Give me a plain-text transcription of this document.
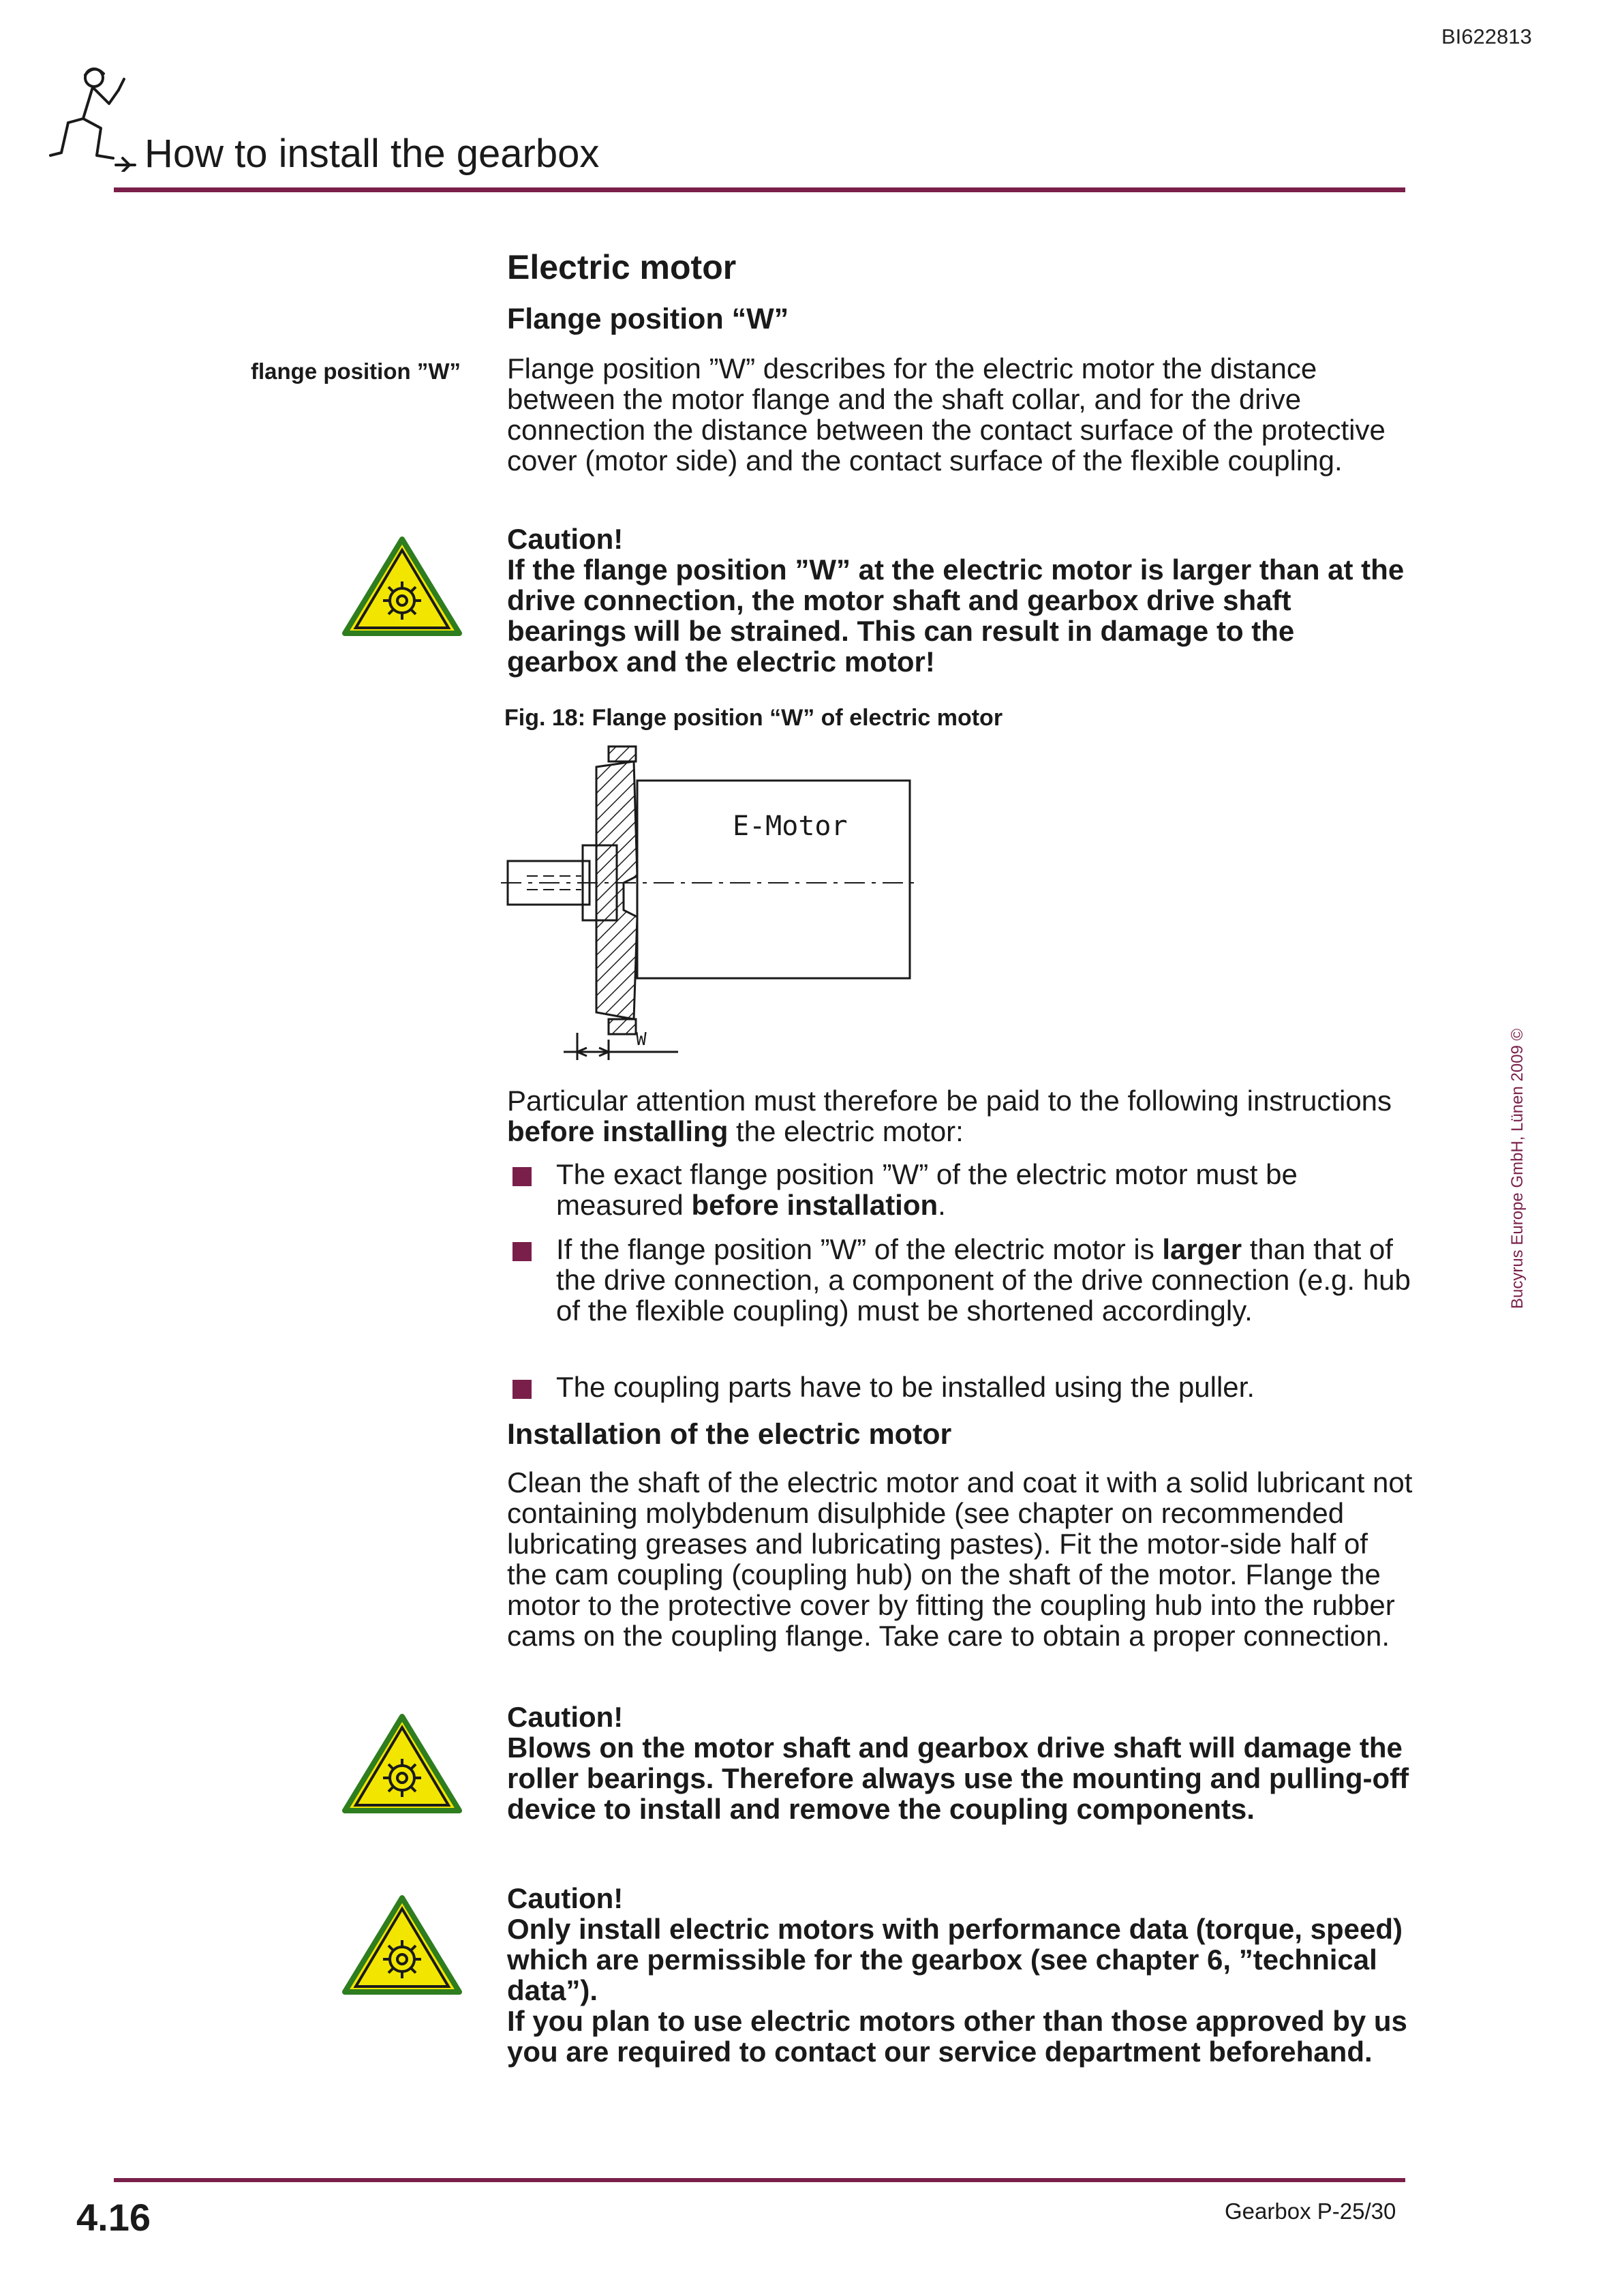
BI622813
How to install the gearbox
Electric motor
Flange position “W”
flange position ”W” Flange position ”W” describes for the electric motor the distance between the motor flange and the shaft collar, and for the drive connection the distance between the contact surface of the protective cover (motor side) and the contact surface of the flexible coupling.
Caution!
If the flange position ”W” at the electric motor is larger than at the drive connection, the motor shaft and gearbox drive shaft bearings will be strained. This can result in damage to the gearbox and the electric motor!
Fig. 18: Flange position “W” of electric motor
E-Motor
W
Particular attention must therefore be paid to the following instructions before installing the electric motor:
The exact flange position ”W” of the electric motor must be measured before installation.
If the flange position ”W” of the electric motor is larger than that of the drive connection, a component of the drive connection (e.g. hub of the flexible coupling) must be shortened accordingly.
The coupling parts have to be installed using the puller.
Installation of the electric motor
Clean the shaft of the electric motor and coat it with a solid lubricant not containing molybdenum disulphide (see chapter on recommended lubricating greases and lubricating pastes). Fit the motor-side half of the cam coupling (coupling hub) on the shaft of the motor. Flange the motor to the protective cover by fitting the coupling hub into the rubber cams on the coupling flange. Take care to obtain a proper connection.
Caution!
Blows on the motor shaft and gearbox drive shaft will damage the roller bearings. Therefore always use the mounting and pulling-off device to install and remove the coupling components.
Caution!
Only install electric motors with performance data (torque, speed) which are permissible for the gearbox (see chapter 6, ”technical data”).
If you plan to use electric motors other than those approved by us you are required to contact our service department beforehand.
Bucyrus Europe GmbH, Lünen 2009 ©
4.16	Gearbox P-25/30
